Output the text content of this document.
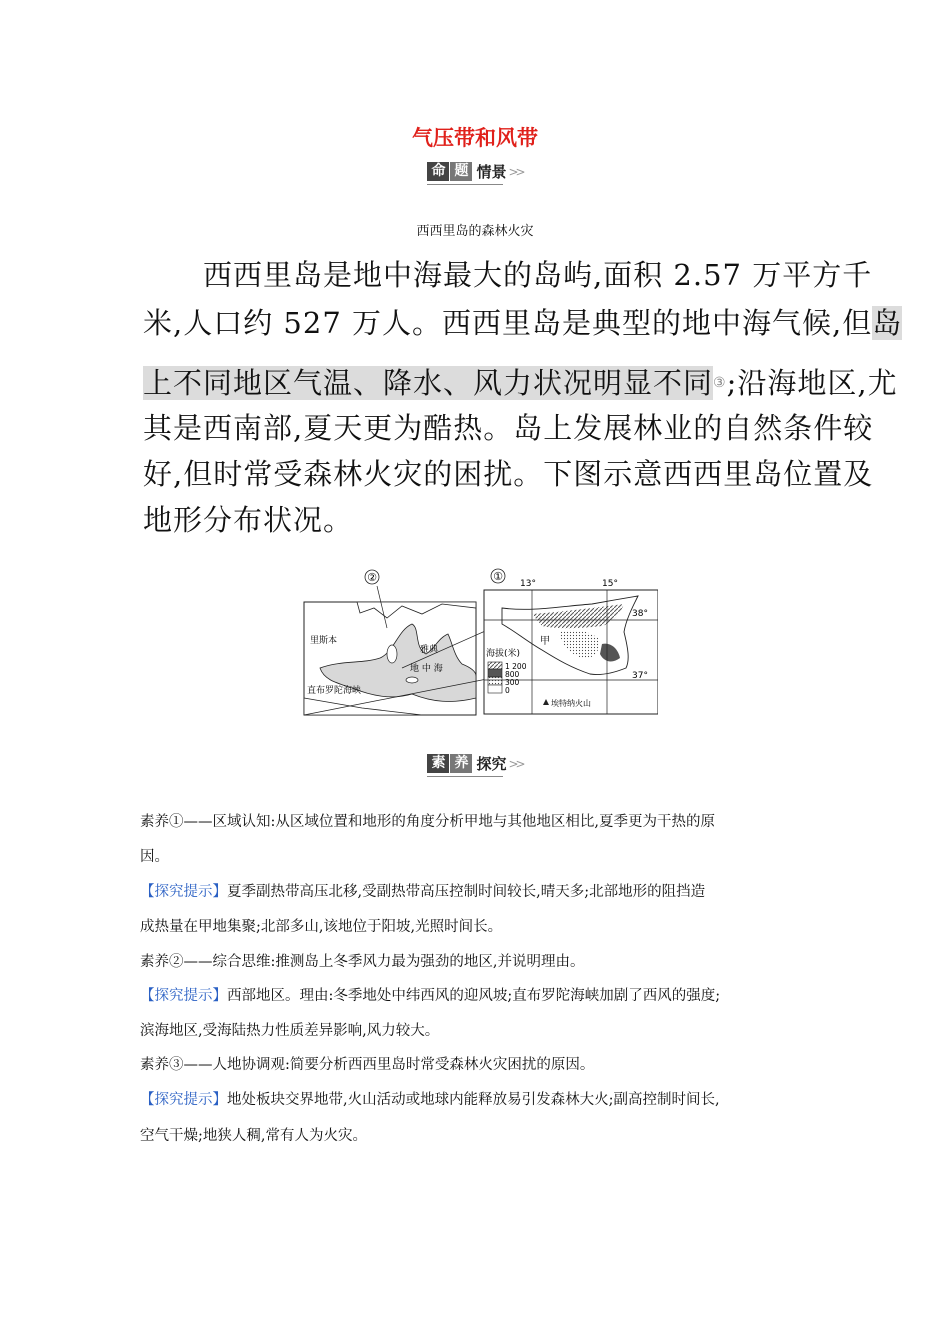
气压带和风带
命 题 情景 >>
西西里岛的森林火灾
西西里岛是地中海最大的岛屿,面积 2.57 万平方千
米,人口约 527 万人。西西里岛是典型的地中海气候,但岛
上不同地区气温、降水、风力状况明显不同③;沿海地区,尤
其是西南部,夏天更为酷热。岛上发展林业的自然条件较
好,但时常受森林火灾的困扰。下图示意西西里岛位置及
地形分布状况。
②
里斯本
雅典
地 中 海
直布罗陀海峡
①
13°	15°
38°
37°
甲
海拔(米)
1 200
800
300
0
埃特纳火山
素 养 探究 >>
素养①——区域认知:从区域位置和地形的角度分析甲地与其他地区相比,夏季更为干热的原
因。
【探究提示】夏季副热带高压北移,受副热带高压控制时间较长,晴天多;北部地形的阻挡造
成热量在甲地集聚;北部多山,该地位于阳坡,光照时间长。
素养②——综合思维:推测岛上冬季风力最为强劲的地区,并说明理由。
【探究提示】西部地区。理由:冬季地处中纬西风的迎风坡;直布罗陀海峡加剧了西风的强度;
滨海地区,受海陆热力性质差异影响,风力较大。
素养③——人地协调观:简要分析西西里岛时常受森林火灾困扰的原因。
【探究提示】地处板块交界地带,火山活动或地球内能释放易引发森林大火;副高控制时间长,
空气干燥;地狭人稠,常有人为火灾。
